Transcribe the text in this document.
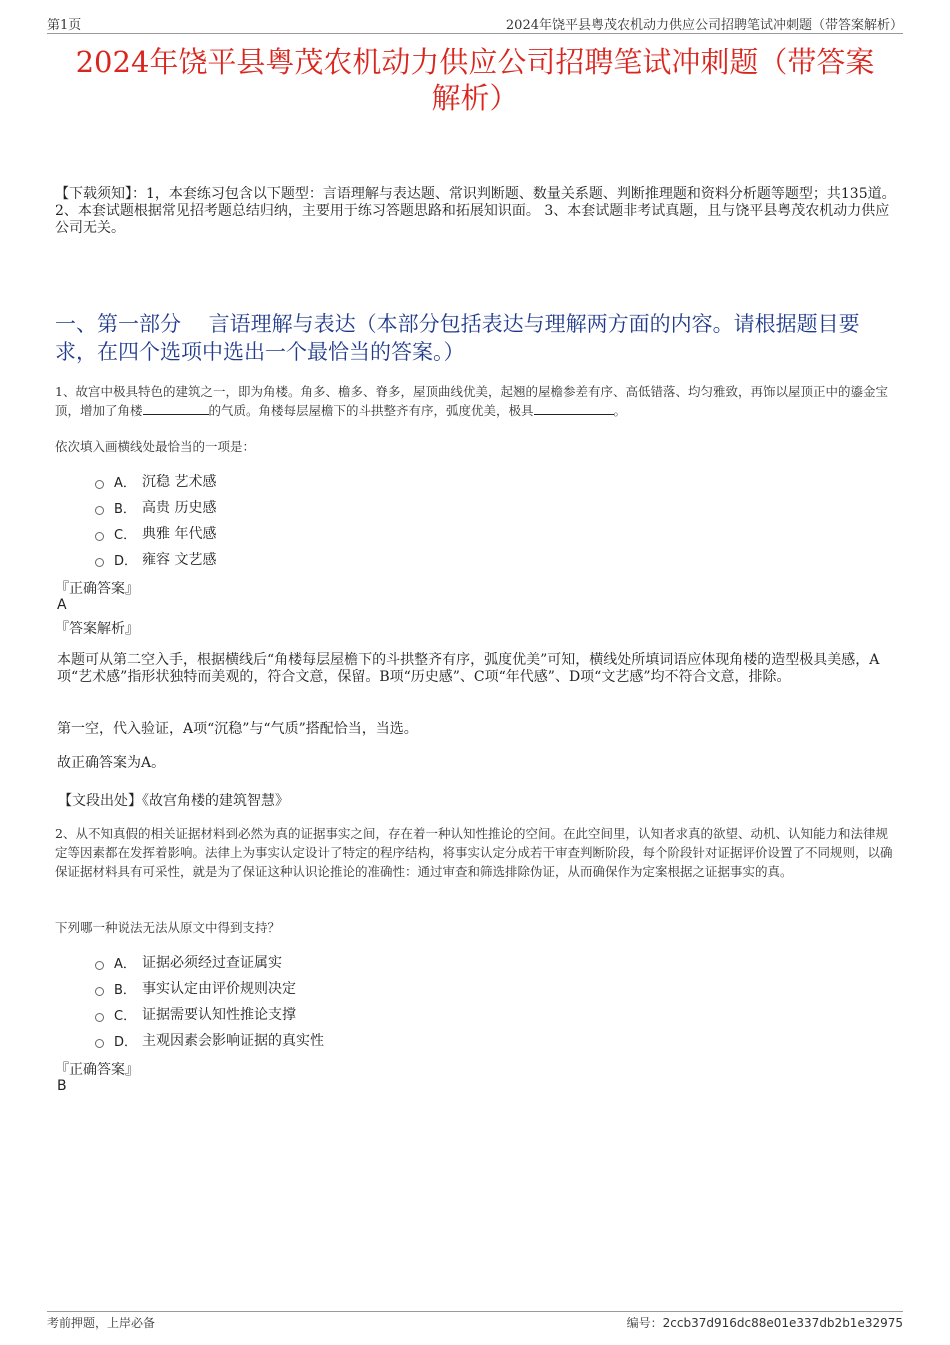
第1页	2024年饶平县粤茂农机动力供应公司招聘笔试冲刺题（带答案解析）
2024年饶平县粤茂农机动力供应公司招聘笔试冲刺题（带答案
解析）
【下载须知】：1，本套练习包含以下题型：言语理解与表达题、常识判断题、数量关系题、判断推理题和资料分析题等题型；共135道。 2、本套试题根据常见招考题总结归纳，主要用于练习答题思路和拓展知识面。 3、本套试题非考试真题，且与饶平县粤茂农机动力供应公司无关。
一、第一部分　 言语理解与表达（本部分包括表达与理解两方面的内容。请根据题目要求，在四个选项中选出一个最恰当的答案。）
1、故宫中极具特色的建筑之一，即为角楼。角多、檐多、脊多，屋顶曲线优美，起翘的屋檐参差有序、高低错落、均匀雅致，再饰以屋顶正中的鎏金宝顶，增加了角楼	的气质。角楼每层屋檐下的斗拱整齐有序，弧度优美，极具	。
依次填入画横线处最恰当的一项是：
A． 沉稳 艺术感
B． 高贵 历史感
C． 典雅 年代感
D． 雍容 文艺感
『正确答案』
A
『答案解析』
本题可从第二空入手，根据横线后“角楼每层屋檐下的斗拱整齐有序，弧度优美”可知，横线处所填词语应体现角楼的造型极具美感，A项“艺术感”指形状独特而美观的，符合文意，保留。B项“历史感”、C项“年代感”、D项“文艺感”均不符合文意，排除。
第一空，代入验证，A项“沉稳”与“气质”搭配恰当，当选。
故正确答案为A。
【文段出处】《故宫角楼的建筑智慧》
2、从不知真假的相关证据材料到必然为真的证据事实之间，存在着一种认知性推论的空间。在此空间里，认知者求真的欲望、动机、认知能力和法律规定等因素都在发挥着影响。法律上为事实认定设计了特定的程序结构，将事实认定分成若干审查判断阶段，每个阶段针对证据评价设置了不同规则，以确保证据材料具有可采性，就是为了保证这种认识论推论的准确性：通过审查和筛选排除伪证，从而确保作为定案根据之证据事实的真。
下列哪一种说法无法从原文中得到支持？
A． 证据必须经过查证属实
B． 事实认定由评价规则决定
C． 证据需要认知性推论支撑
D． 主观因素会影响证据的真实性
『正确答案』
B
考前押题，上岸必备	编号：2ccb37d916dc88e01e337db2b1e32975
